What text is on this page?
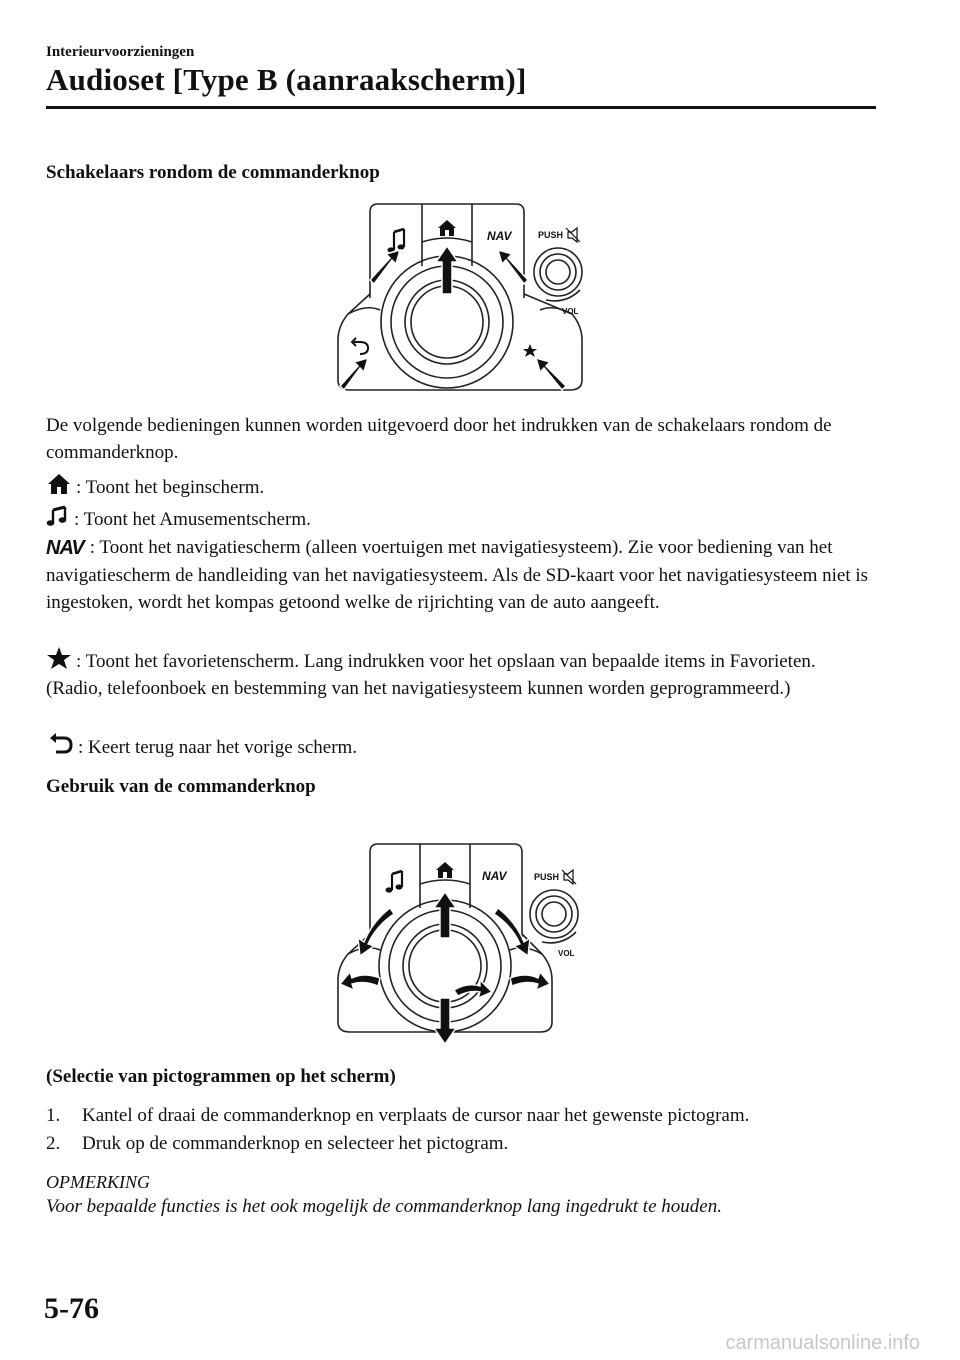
Interieurvoorzieningen

Audioset [Type B (aanraakscherm)]
Schakelaars rondom de commanderknop
NAV	PUSH
VOL

De volgende bedieningen kunnen worden uitgevoerd door het indrukken van de schakelaars rondom de commanderknop.

: Toont het beginscherm.

: Toont het Amusementscherm.

NAV : Toont het navigatiescherm (alleen voertuigen met navigatiesysteem). Zie voor bediening van het navigatiescherm de handleiding van het navigatiesysteem. Als de SD-kaart voor het navigatiesysteem niet is ingestoken, wordt het kompas getoond welke de rijrichting van de auto aangeeft.

: Toont het favorietenscherm. Lang indrukken voor het opslaan van bepaalde items in Favorieten. (Radio, telefoonboek en bestemming van het navigatiesysteem kunnen worden geprogrammeerd.)

: Keert terug naar het vorige scherm.

Gebruik van de commanderknop
NAV	PUSH
VOL

(Selectie van pictogrammen op het scherm)

1. Kantel of draai de commanderknop en verplaats de cursor naar het gewenste pictogram.

2. Druk op de commanderknop en selecteer het pictogram.

OPMERKING

Voor bepaalde functies is het ook mogelijk de commanderknop lang ingedrukt te houden.

5-76

carmanualsonline.info
